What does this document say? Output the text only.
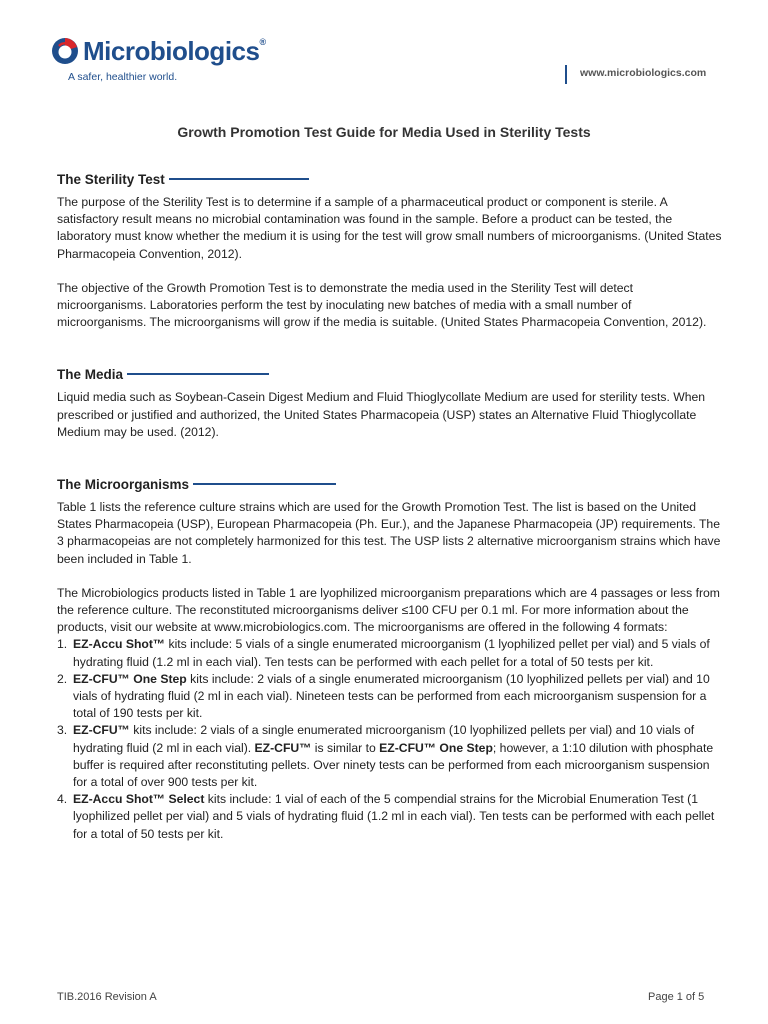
Microbiologics®
A safer, healthier world.	www.microbiologics.com
Growth Promotion Test Guide for Media Used in Sterility Tests
The Sterility Test

The purpose of the Sterility Test is to determine if a sample of a pharmaceutical product or component is sterile. A satisfactory result means no microbial contamination was found in the sample. Before a product can be tested, the laboratory must know whether the medium it is using for the test will grow small numbers of microorganisms. (United States Pharmacopeia Convention, 2012).

The objective of the Growth Promotion Test is to demonstrate the media used in the Sterility Test will detect microorganisms. Laboratories perform the test by inoculating new batches of media with a small number of microorganisms. The microorganisms will grow if the media is suitable. (United States Pharmacopeia Convention, 2012).

The Media

Liquid media such as Soybean-Casein Digest Medium and Fluid Thioglycollate Medium are used for sterility tests. When prescribed or justified and authorized, the United States Pharmacopeia (USP) states an Alternative Fluid Thioglycollate Medium may be used. (2012).

The Microorganisms

Table 1 lists the reference culture strains which are used for the Growth Promotion Test. The list is based on the United States Pharmacopeia (USP), European Pharmacopeia (Ph. Eur.), and the Japanese Pharmacopeia (JP) requirements. The 3 pharmacopeias are not completely harmonized for this test. The USP lists 2 alternative microorganism strains which have been included in Table 1.

The Microbiologics products listed in Table 1 are lyophilized microorganism preparations which are 4 passages or less from the reference culture. The reconstituted microorganisms deliver ≤100 CFU per 0.1 ml. For more information about the products, visit our website at www.microbiologics.com. The microorganisms are offered in the following 4 formats:

1. EZ-Accu Shot™ kits include: 5 vials of a single enumerated microorganism (1 lyophilized pellet per vial) and 5 vials of hydrating fluid (1.2 ml in each vial). Ten tests can be performed with each pellet for a total of 50 tests per kit.
2. EZ-CFU™ One Step kits include: 2 vials of a single enumerated microorganism (10 lyophilized pellets per vial) and 10 vials of hydrating fluid (2 ml in each vial). Nineteen tests can be performed from each microorganism suspension for a total of 190 tests per kit.
3. EZ-CFU™ kits include: 2 vials of a single enumerated microorganism (10 lyophilized pellets per vial) and 10 vials of hydrating fluid (2 ml in each vial). EZ-CFU™ is similar to EZ-CFU™ One Step; however, a 1:10 dilution with phosphate buffer is required after reconstituting pellets. Over ninety tests can be performed from each microorganism suspension for a total of over 900 tests per kit.
4. EZ-Accu Shot™ Select kits include: 1 vial of each of the 5 compendial strains for the Microbial Enumeration Test (1 lyophilized pellet per vial) and 5 vials of hydrating fluid (1.2 ml in each vial). Ten tests can be performed with each pellet for a total of 50 tests per kit.
TIB.2016 Revision A	Page 1 of 5
